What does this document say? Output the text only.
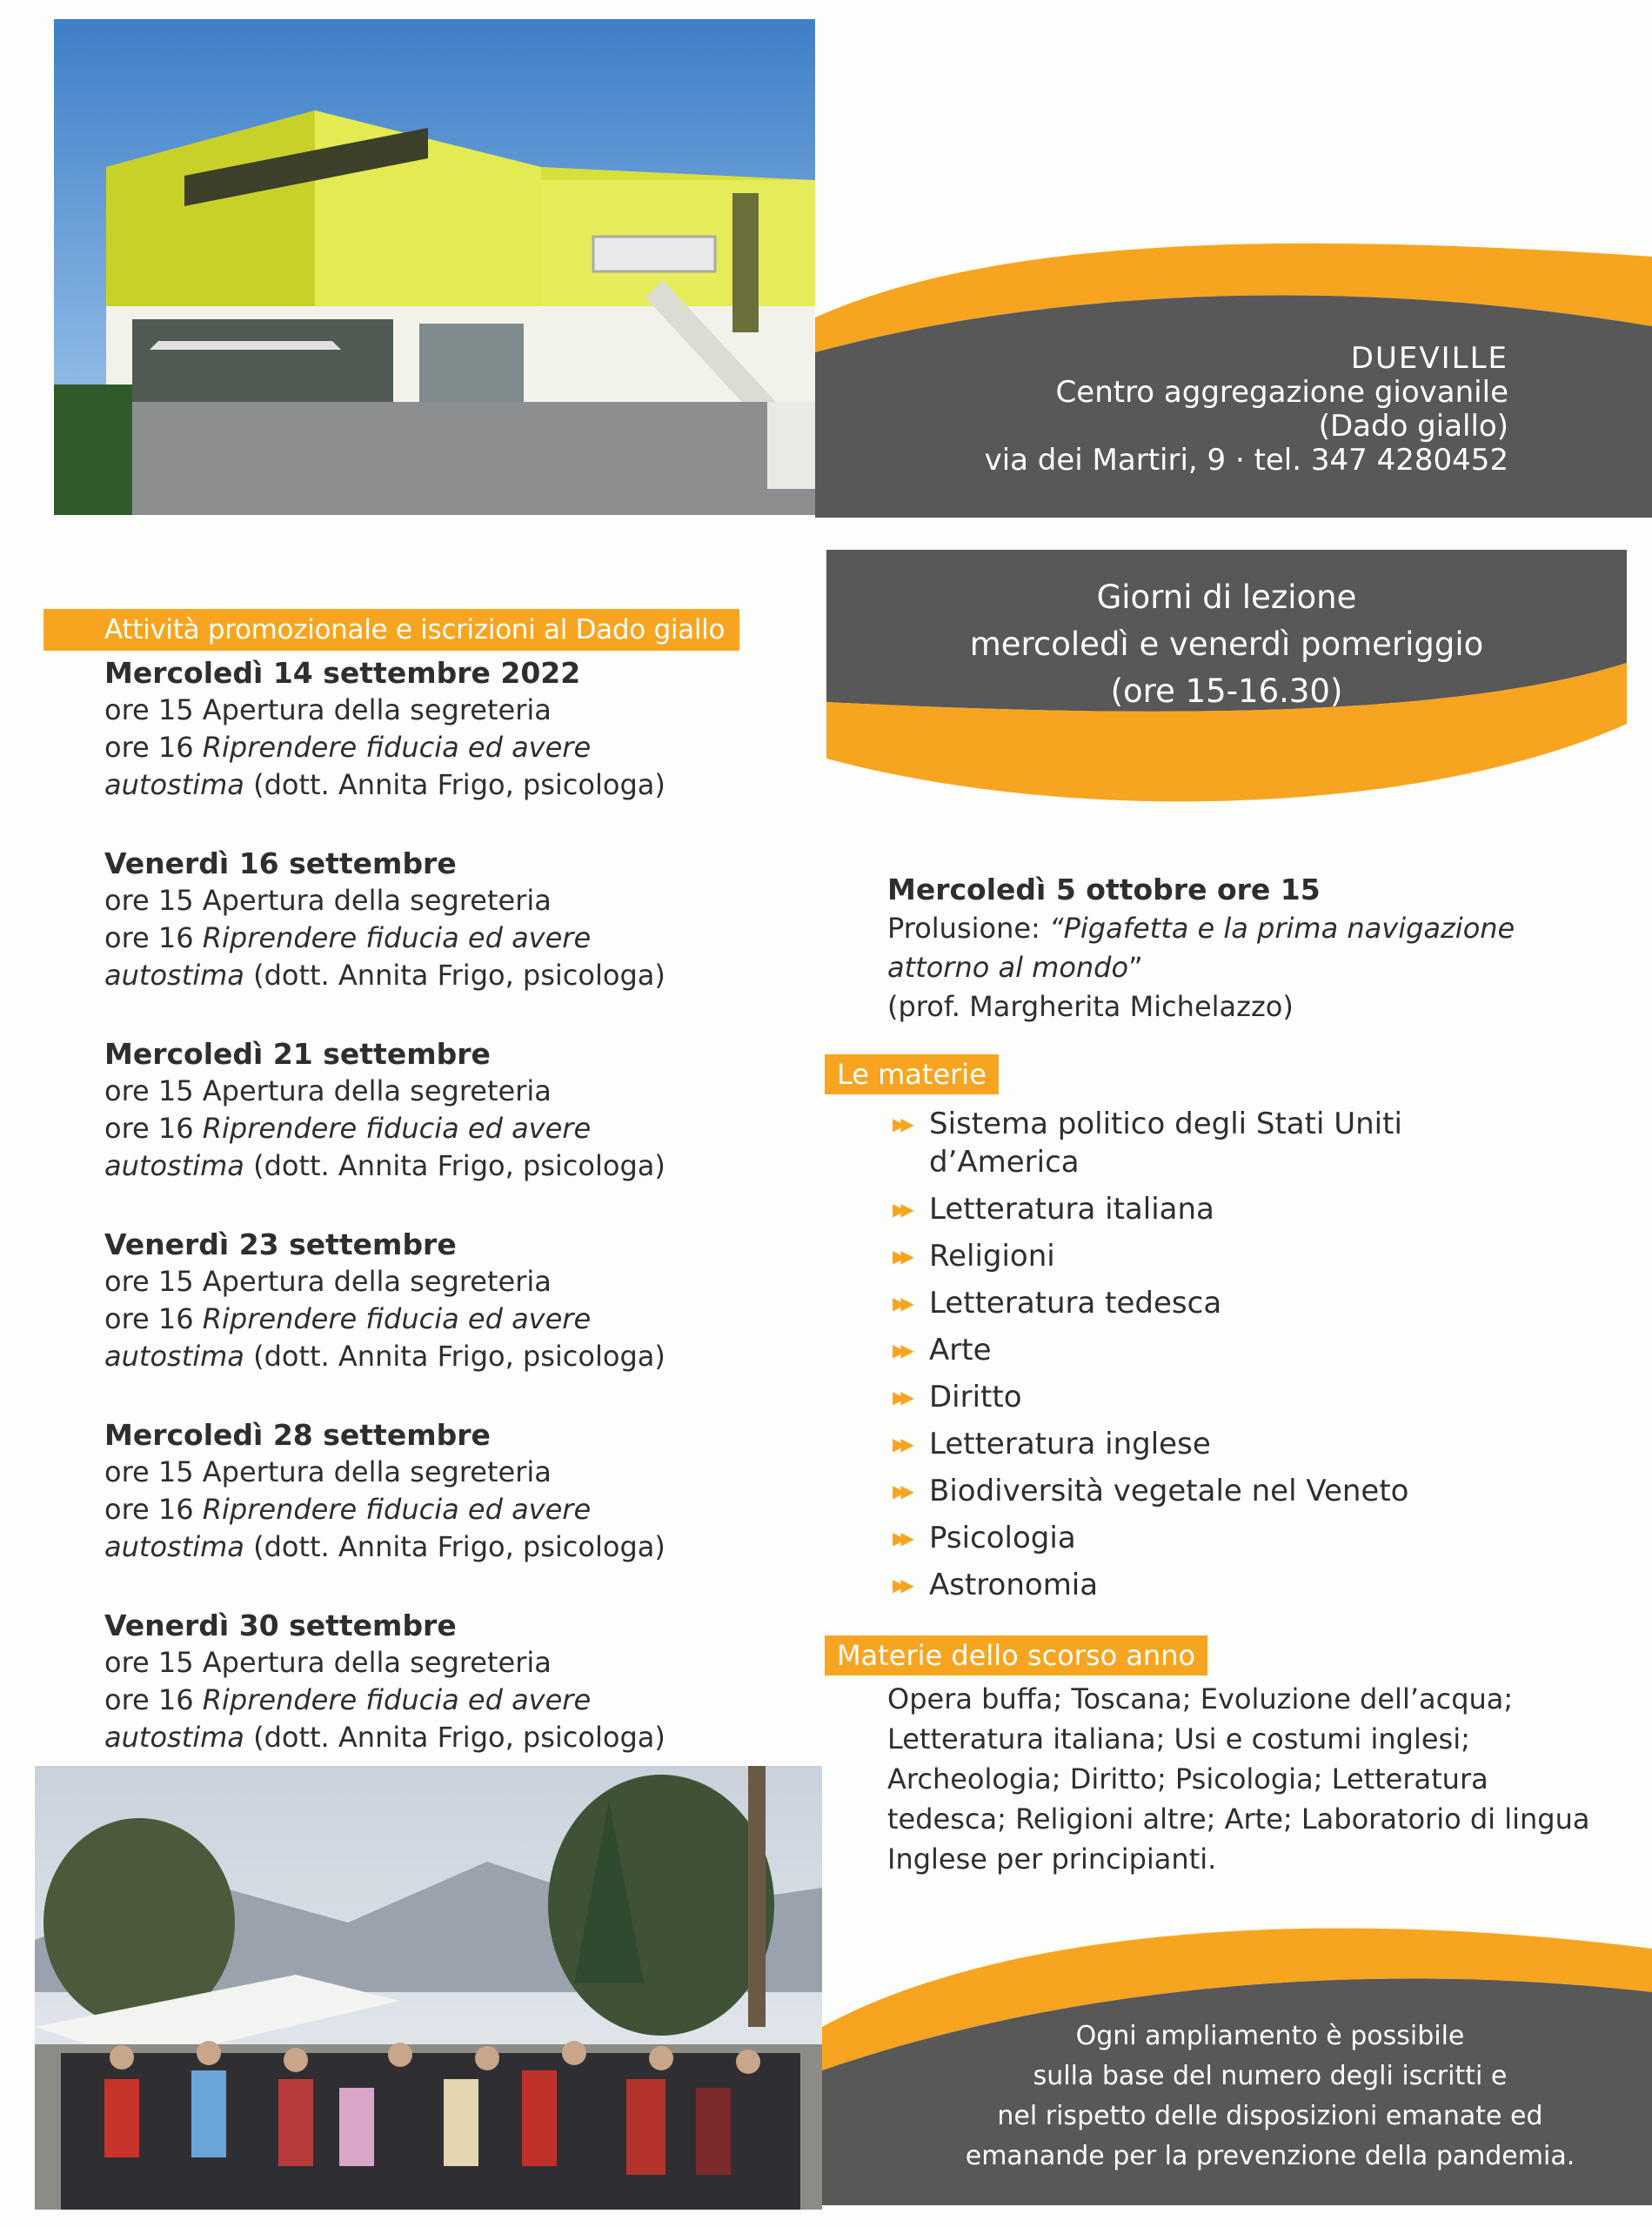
DUEVILLE
Centro aggregazione giovanile
(Dado giallo)
via dei Martiri, 9 · tel. 347 4280452
Giorni di lezione
mercoledì e venerdì pomeriggio
(ore 15-16.30)
Attività promozionale e iscrizioni al Dado giallo
Mercoledì 14 settembre 2022
ore 15 Apertura della segreteria
ore 16 Riprendere fiducia ed avere
autostima (dott. Annita Frigo, psicologa)
Venerdì 16 settembre
ore 15 Apertura della segreteria
ore 16 Riprendere fiducia ed avere
autostima (dott. Annita Frigo, psicologa)
Mercoledì 21 settembre
ore 15 Apertura della segreteria
ore 16 Riprendere fiducia ed avere
autostima (dott. Annita Frigo, psicologa)
Venerdì 23 settembre
ore 15 Apertura della segreteria
ore 16 Riprendere fiducia ed avere
autostima (dott. Annita Frigo, psicologa)
Mercoledì 28 settembre
ore 15 Apertura della segreteria
ore 16 Riprendere fiducia ed avere
autostima (dott. Annita Frigo, psicologa)
Venerdì 30 settembre
ore 15 Apertura della segreteria
ore 16 Riprendere fiducia ed avere
autostima (dott. Annita Frigo, psicologa)
Mercoledì 5 ottobre ore 15
Prolusione: “Pigafetta e la prima navigazione
attorno al mondo”
(prof. Margherita Michelazzo)
Le materie
▶▶ Sistema politico degli Stati Uniti d’America
▶▶ Letteratura italiana
▶▶ Religioni
▶▶ Letteratura tedesca
▶▶ Arte
▶▶ Diritto
▶▶ Letteratura inglese
▶▶ Biodiversità vegetale nel Veneto
▶▶ Psicologia
▶▶ Astronomia
Materie dello scorso anno
Opera buffa; Toscana; Evoluzione dell’acqua; Letteratura italiana; Usi e costumi inglesi; Archeologia; Diritto; Psicologia; Letteratura tedesca; Religioni altre; Arte; Laboratorio di lingua Inglese per principianti.
Ogni ampliamento è possibile
sulla base del numero degli iscritti e
nel rispetto delle disposizioni emanate ed
emanande per la prevenzione della pandemia.
